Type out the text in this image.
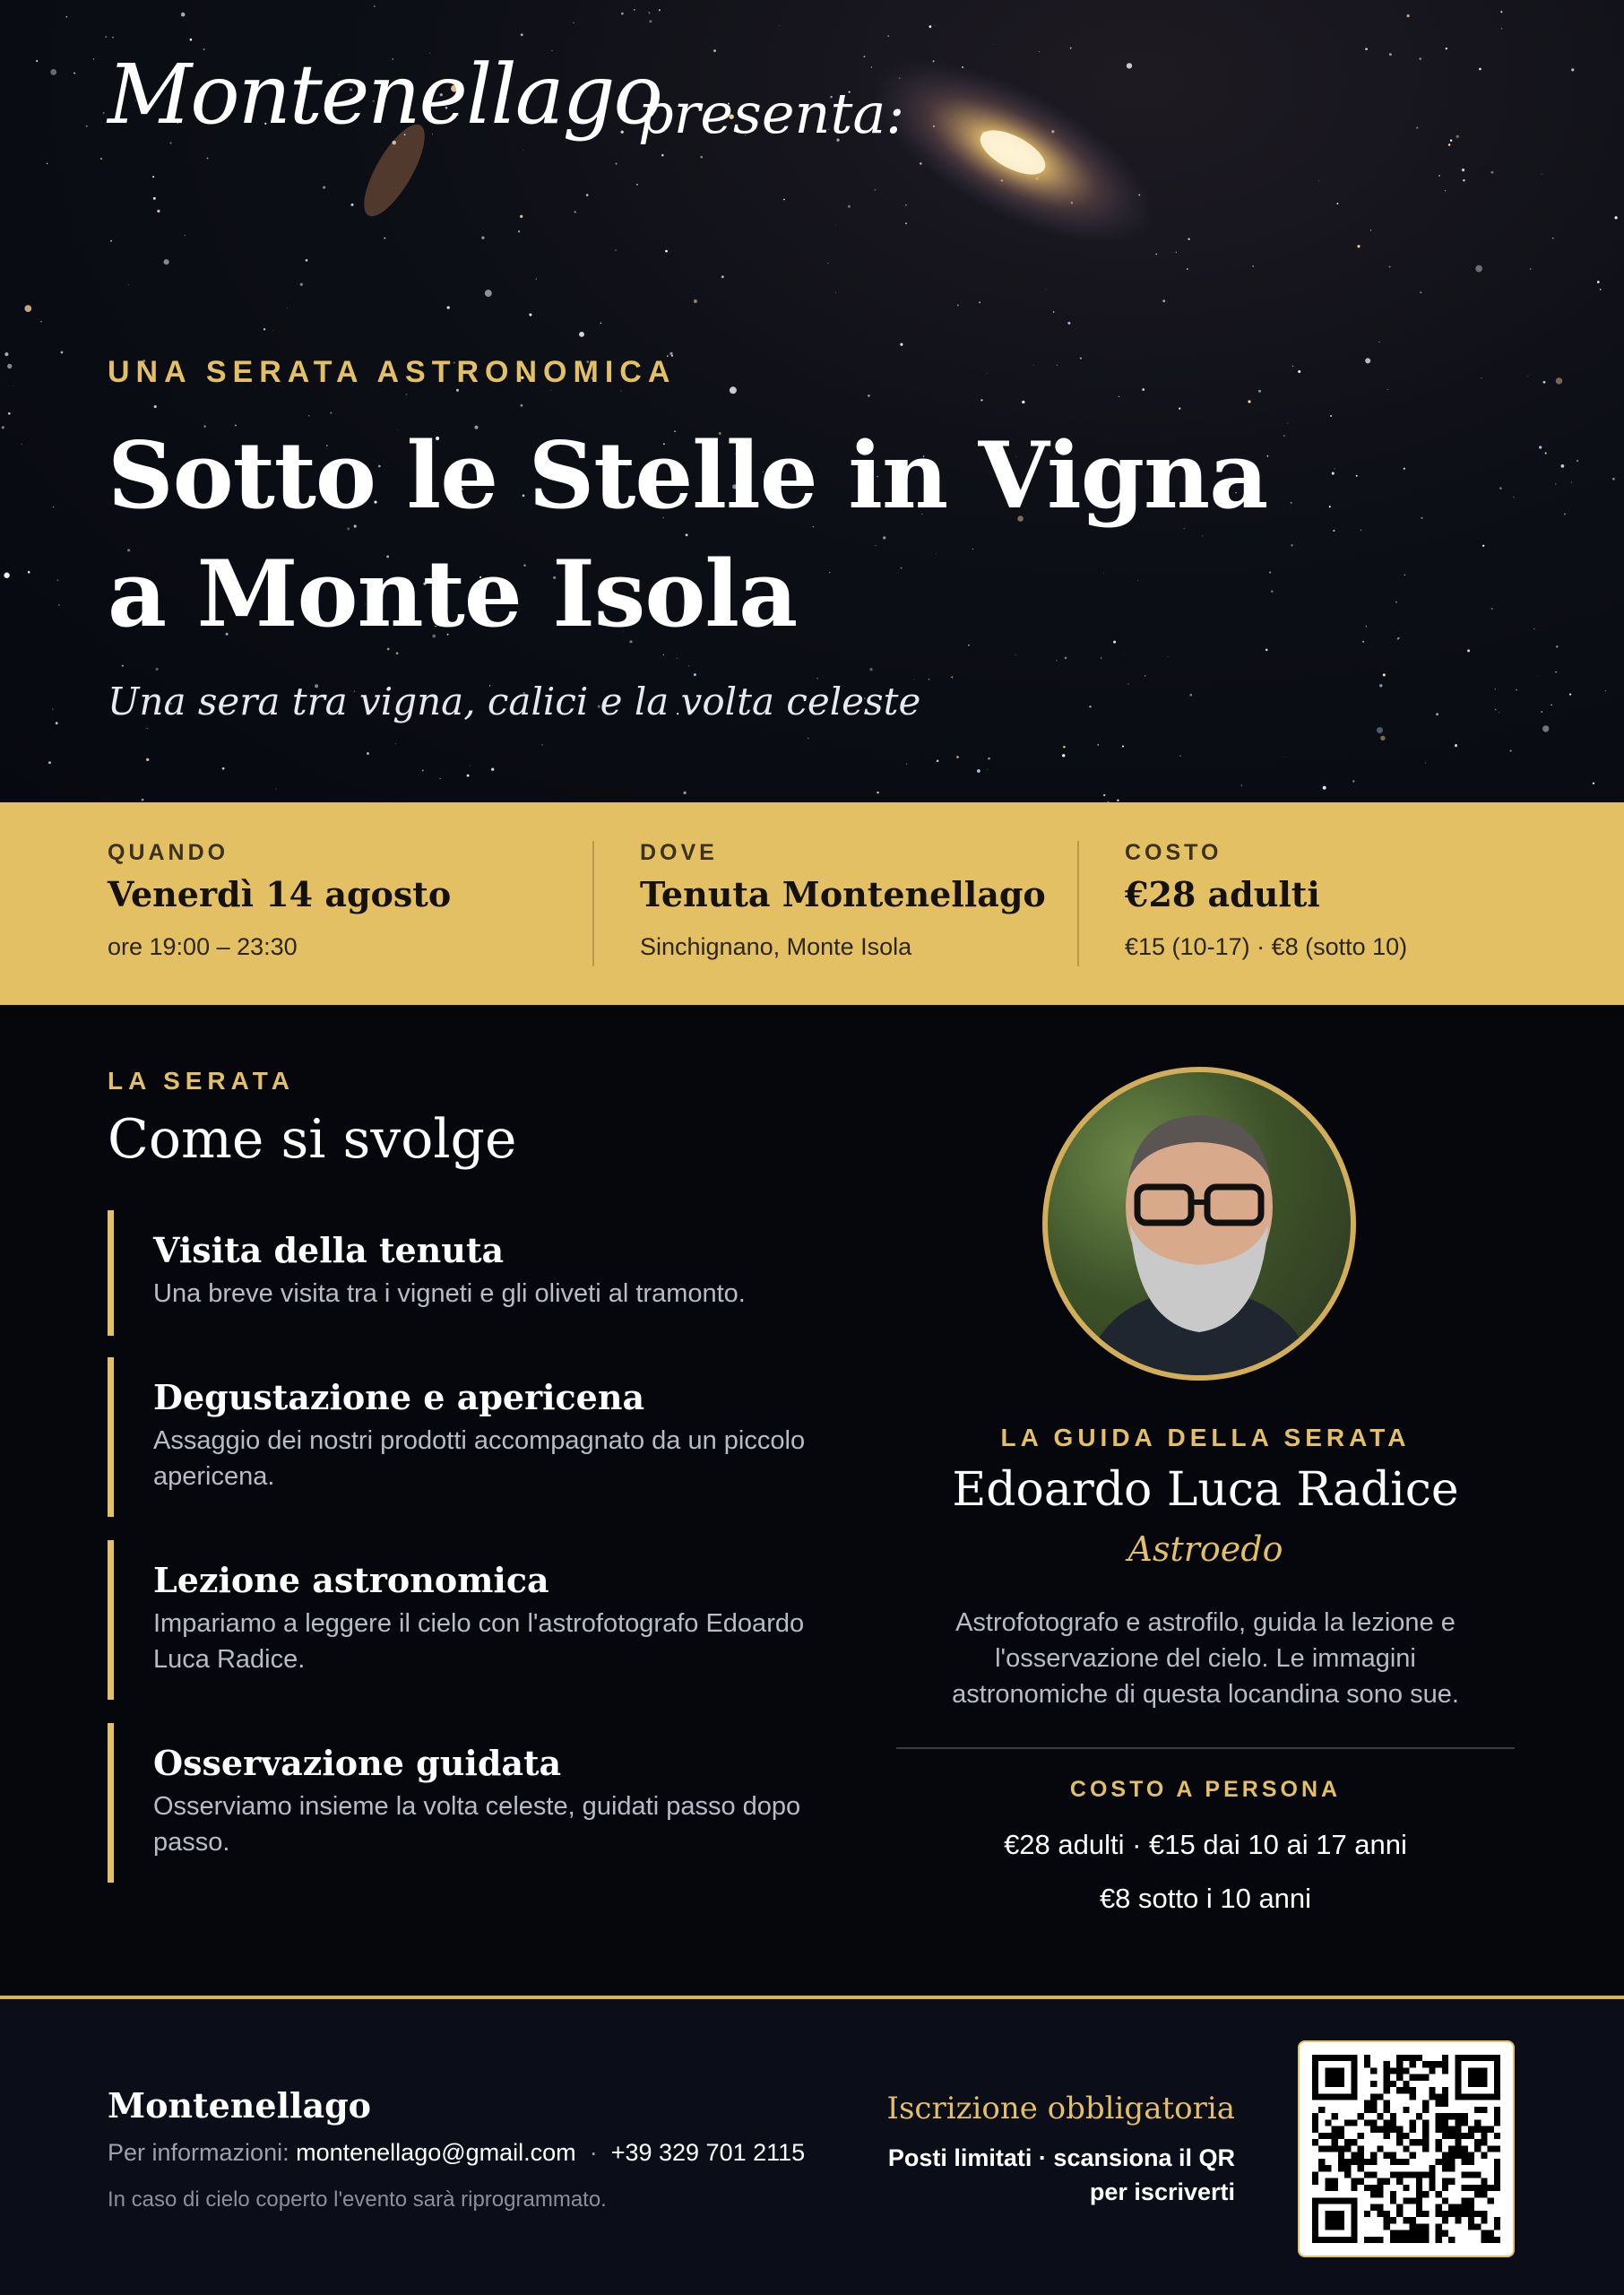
Montenellago
presenta:
UNA SERATA ASTRONOMICA
Sotto le Stelle in Vigna
a Monte Isola
Una sera tra vigna, calici e la volta celeste
QUANDO
Venerdì 14 agosto
ore 19:00 – 23:30
DOVE
Tenuta Montenellago
Sinchignano, Monte Isola
COSTO
€28 adulti
€15 (10-17) · €8 (sotto 10)
LA SERATA
Come si svolge
Visita della tenuta
Una breve visita tra i vigneti e gli oliveti al tramonto.
Degustazione e apericena
Assaggio dei nostri prodotti accompagnato da un piccolo apericena.
Lezione astronomica
Impariamo a leggere il cielo con l'astrofotografo Edoardo Luca Radice.
Osservazione guidata
Osserviamo insieme la volta celeste, guidati passo dopo passo.
LA GUIDA DELLA SERATA
Edoardo Luca Radice
Astroedo
Astrofotografo e astrofilo, guida la lezione e l'osservazione del cielo. Le immagini astronomiche di questa locandina sono sue.
COSTO A PERSONA
€28 adulti · €15 dai 10 ai 17 anni
€8 sotto i 10 anni
Montenellago
Per informazioni: montenellago@gmail.com · +39 329 701 2115
In caso di cielo coperto l'evento sarà riprogrammato.
Iscrizione obbligatoria
Posti limitati · scansiona il QR per iscriverti
